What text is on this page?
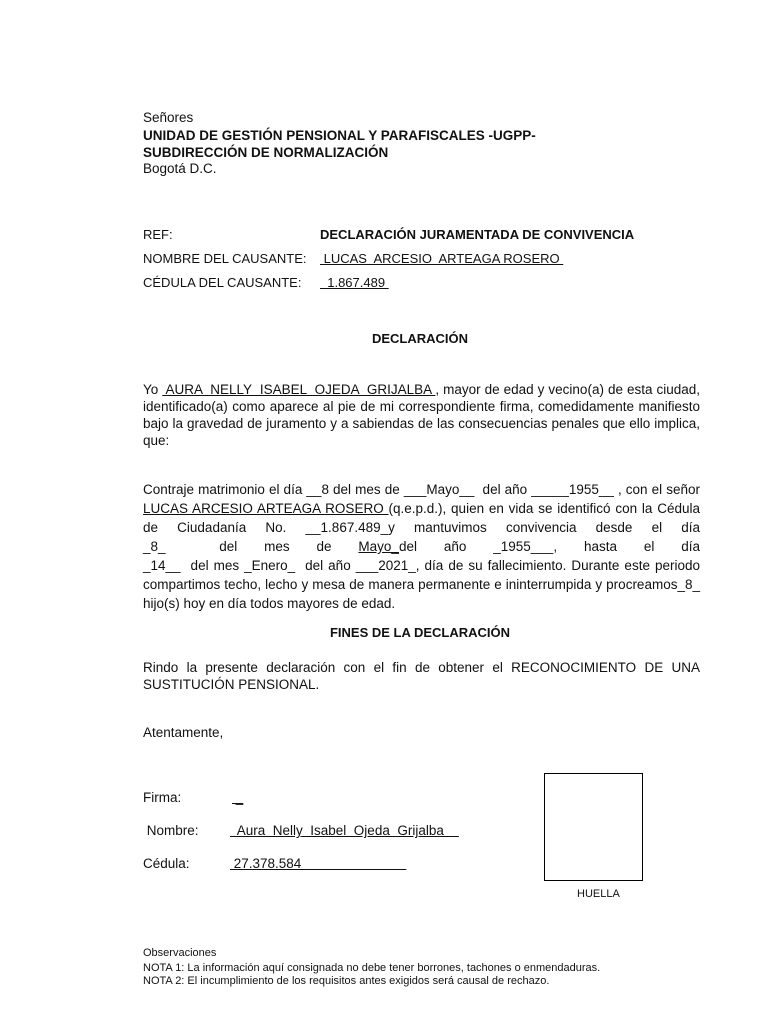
Señores
UNIDAD DE GESTIÓN PENSIONAL Y PARAFISCALES -UGPP-
SUBDIRECCIÓN DE NORMALIZACIÓN
Bogotá D.C.
REF:	DECLARACIÓN JURAMENTADA DE CONVIVENCIA
NOMBRE DEL CAUSANTE: LUCAS  ARCESIO  ARTEAGA ROSERO
CÉDULA DEL CAUSANTE: 1.867.489
DECLARACIÓN
Yo  AURA  NELLY  ISABEL  OJEDA  GRIJALBA , mayor de edad y vecino(a) de esta ciudad, identificado(a) como aparece al pie de mi correspondiente firma, comedidamente manifiesto bajo la gravedad de juramento y a sabiendas de las consecuencias penales que ello implica, que:
Contraje matrimonio el día __8 del mes de ___Mayo__  del año _____1955__ , con el señor LUCAS ARCESIO ARTEAGA ROSERO (q.e.p.d.), quien en vida se identificó con la Cédula de Ciudadanía No. __1.867.489_y mantuvimos convivencia desde el día _8_  del mes de Mayo_del año _1955___, hasta el día _14__  del mes _Enero_  del año ___2021_, día de su fallecimiento. Durante este periodo compartimos techo, lecho y mesa de manera permanente e ininterrumpida y procreamos_8_ hijo(s) hoy en día todos mayores de edad.
FINES DE LA DECLARACIÓN
Rindo la presente declaración con el fin de obtener el RECONOCIMIENTO DE UNA SUSTITUCIÓN PENSIONAL.
Atentamente,
Firma:	_
Nombre: Aura  Nelly  Isabel  Ojeda  Grijalba
Cédula:	27.378.584
HUELLA
Observaciones
NOTA 1: La información aquí consignada no debe tener borrones, tachones o enmendaduras. NOTA 2: El incumplimiento de los requisitos antes exigidos será causal de rechazo.
